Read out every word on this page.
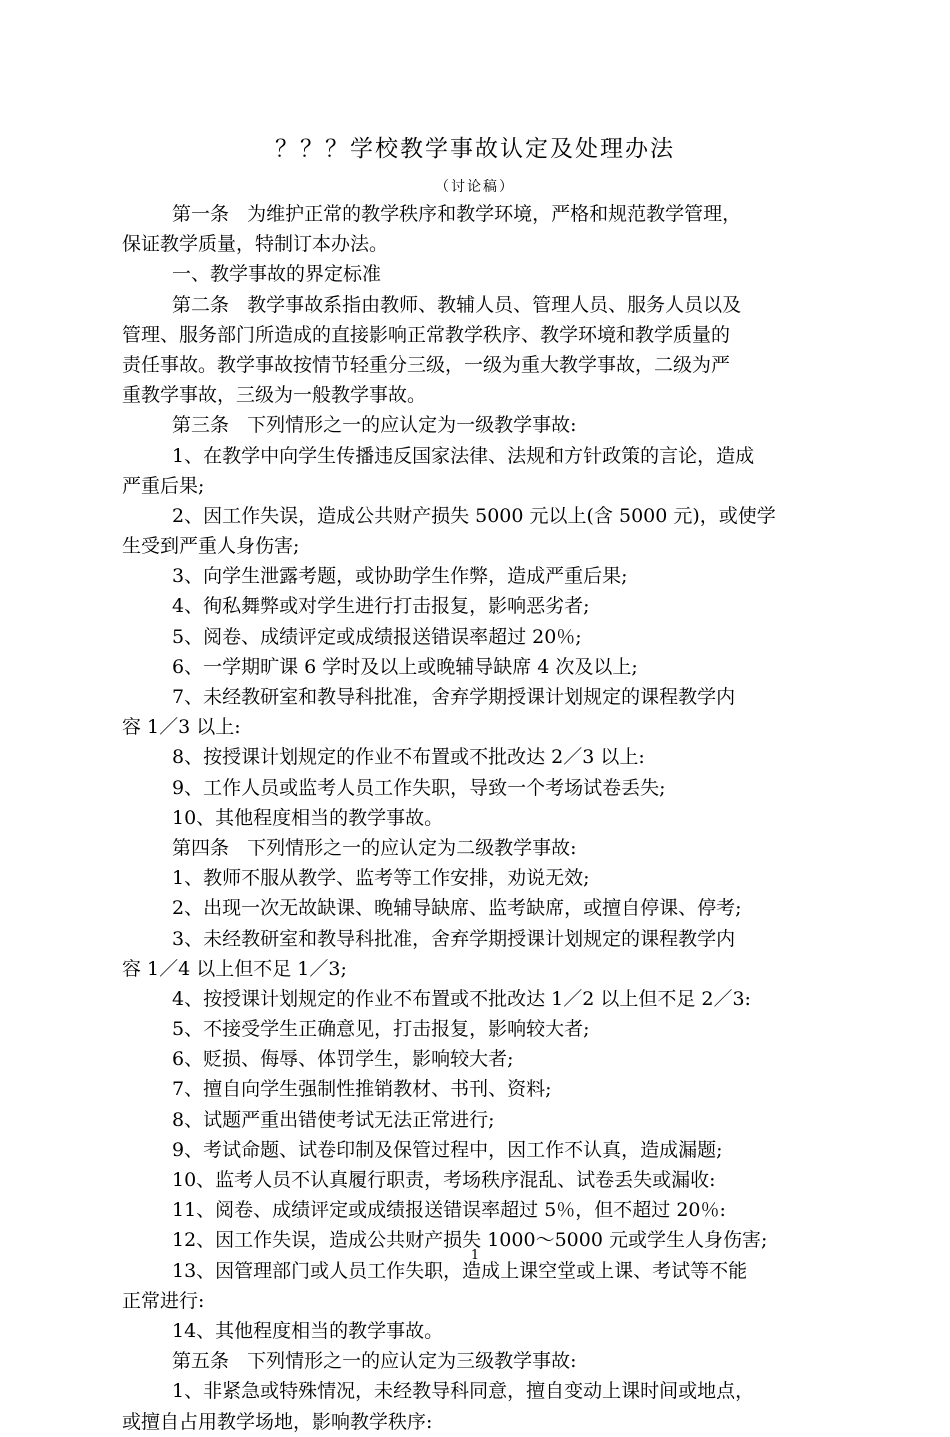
？？？学校教学事故认定及处理办法
（讨论稿）
第一条   为维护正常的教学秩序和教学环境，严格和规范教学管理，
保证教学质量，特制订本办法。
一、教学事故的界定标准
第二条   教学事故系指由教师、教辅人员、管理人员、服务人员以及
管理、服务部门所造成的直接影响正常教学秩序、教学环境和教学质量的
责任事故。教学事故按情节轻重分三级，一级为重大教学事故，二级为严
重教学事故，三级为一般教学事故。
第三条   下列情形之一的应认定为一级教学事故:
1、在教学中向学生传播违反国家法律、法规和方针政策的言论，造成
严重后果;
2、因工作失误，造成公共财产损失 5000 元以上(含 5000 元)，或使学
生受到严重人身伤害;
3、向学生泄露考题，或协助学生作弊，造成严重后果;
4、徇私舞弊或对学生进行打击报复，影响恶劣者;
5、阅卷、成绩评定或成绩报送错误率超过 20％;
6、一学期旷课 6 学时及以上或晚辅导缺席 4 次及以上;
7、未经教研室和教导科批准，舍弃学期授课计划规定的课程教学内
容 1／3 以上:
8、按授课计划规定的作业不布置或不批改达 2／3 以上:
9、工作人员或监考人员工作失职，导致一个考场试卷丢失;
10、其他程度相当的教学事故。
第四条   下列情形之一的应认定为二级教学事故:
1、教师不服从教学、监考等工作安排，劝说无效;
2、出现一次无故缺课、晚辅导缺席、监考缺席，或擅自停课、停考;
3、未经教研室和教导科批准，舍弃学期授课计划规定的课程教学内
容 1／4 以上但不足 1／3;
4、按授课计划规定的作业不布置或不批改达 1／2 以上但不足 2／3:
5、不接受学生正确意见，打击报复，影响较大者;
6、贬损、侮辱、体罚学生，影响较大者;
7、擅自向学生强制性推销教材、书刊、资料;
8、试题严重出错使考试无法正常进行;
9、考试命题、试卷印制及保管过程中，因工作不认真，造成漏题;
10、监考人员不认真履行职责，考场秩序混乱、试卷丢失或漏收:
11、阅卷、成绩评定或成绩报送错误率超过 5％，但不超过 20％:
12、因工作失误，造成公共财产损失 1000～5000 元或学生人身伤害;
13、因管理部门或人员工作失职，造成上课空堂或上课、考试等不能
正常进行:
14、其他程度相当的教学事故。
第五条   下列情形之一的应认定为三级教学事故:
1、非紧急或特殊情况，未经教导科同意，擅自变动上课时间或地点，
或擅自占用教学场地，影响教学秩序:
1
